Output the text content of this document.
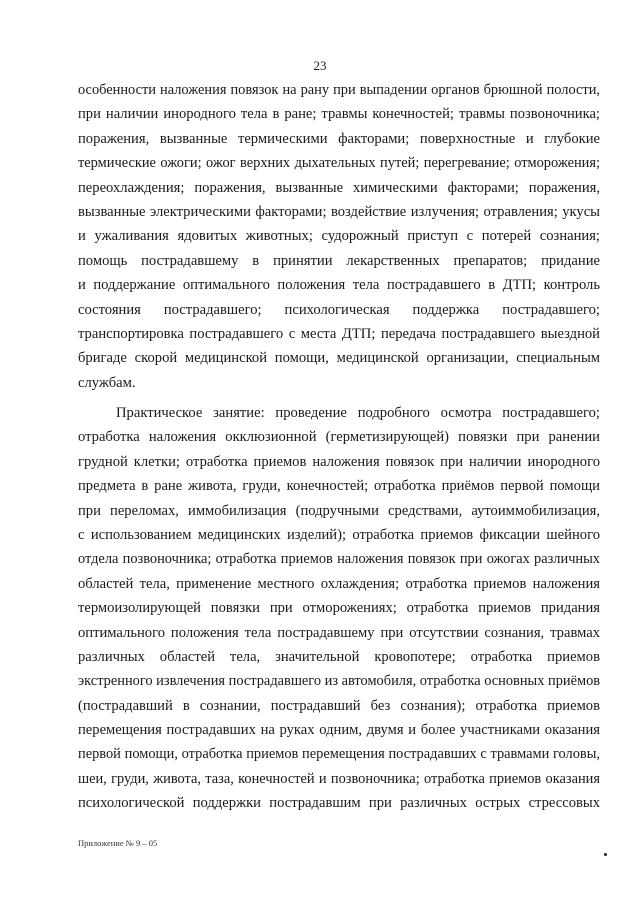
23
особенности наложения повязок на рану при выпадении органов брюшной полости,
при наличии инородного тела в ране; травмы конечностей; травмы позвоночника;
поражения, вызванные термическими факторами; поверхностные и глубокие
термические ожоги; ожог верхних дыхательных путей; перегревание; отморожения;
переохлаждения; поражения, вызванные химическими факторами; поражения,
вызванные электрическими факторами; воздействие излучения; отравления; укусы
и ужаливания ядовитых животных; судорожный приступ с потерей сознания;
помощь пострадавшему в принятии лекарственных препаратов; придание
и поддержание оптимального положения тела пострадавшего в ДТП; контроль
состояния пострадавшего; психологическая поддержка пострадавшего;
транспортировка пострадавшего с места ДТП; передача пострадавшего выездной
бригаде скорой медицинской помощи, медицинской организации, специальным
службам.
Практическое занятие: проведение подробного осмотра пострадавшего;
отработка наложения окклюзионной (герметизирующей) повязки при ранении
грудной клетки; отработка приемов наложения повязок при наличии инородного
предмета в ране живота, груди, конечностей; отработка приёмов первой помощи
при переломах, иммобилизация (подручными средствами, аутоиммобилизация,
с использованием медицинских изделий); отработка приемов фиксации шейного
отдела позвоночника; отработка приемов наложения повязок при ожогах различных
областей тела, применение местного охлаждения; отработка приемов наложения
термоизолирующей повязки при отморожениях; отработка приемов придания
оптимального положения тела пострадавшему при отсутствии сознания, травмах
различных областей тела, значительной кровопотере; отработка приемов
экстренного извлечения пострадавшего из автомобиля, отработка основных приёмов
(пострадавший в сознании, пострадавший без сознания); отработка приемов
перемещения пострадавших на руках одним, двумя и более участниками оказания
первой помощи, отработка приемов перемещения пострадавших с травмами головы,
шеи, груди, живота, таза, конечностей и позвоночника; отработка приемов оказания
психологической поддержки пострадавшим при различных острых стрессовых
Приложение № 9 – 05
